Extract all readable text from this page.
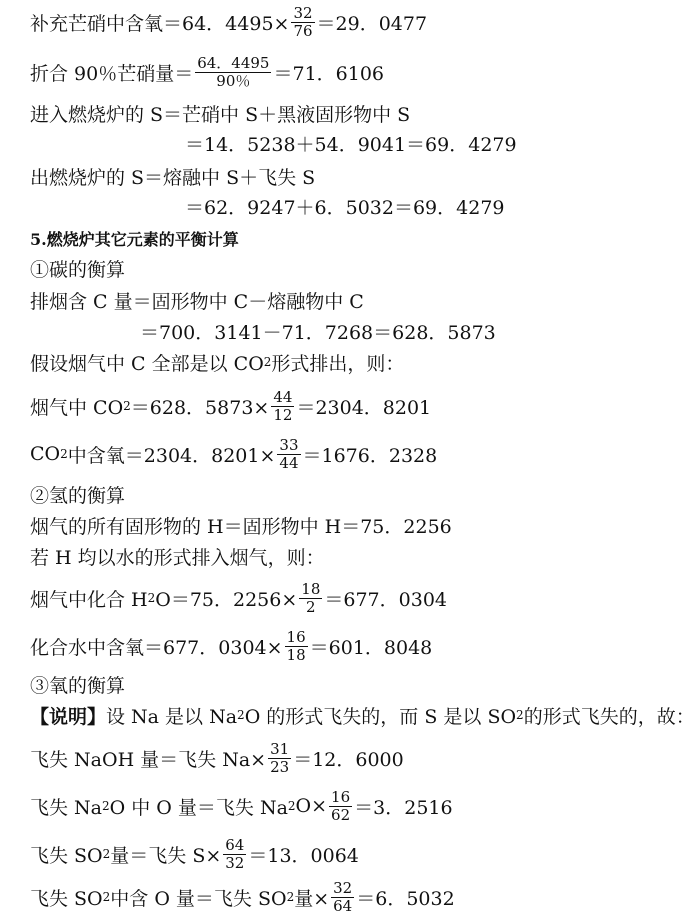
补充芒硝中含氧＝64．$4495\times \frac{32}{76} =29$．0477
折合 90％芒硝量＝ $\frac{64.4495}{90\%} =71$．6106
进入燃烧炉的 S＝芒硝中 S＋黑液固形物中 S
＝14．5238＋54．9041＝69．4279
出燃烧炉的 S＝熔融中 S＋飞失 S
＝62．9247＋6．5032＝69．4279
5.燃烧炉其它元素的平衡计算
①碳的衡算
排烟含 C 量＝固形物中 C－熔融物中 C
＝700．3141－71．7268＝628．5873
假设烟气中 C 全部是以 CO 2 形式排出，则：
烟气中 CO 2 ＝628．$5873\times \frac{44}{12} =2304$．8201
CO 2 中含氧＝2304．$8201\times \frac{33}{44} =1676$．2328
②氢的衡算
烟气的所有固形物的 H＝固形物中 H＝75．2256
若 H 均以水的形式排入烟气，则：
烟气中化合 H 2 O＝75．$2256\times \frac{18}{2} =677$．0304
化合水中含氧＝677．$0304\times \frac{16}{18} =601$．8048
③氧的衡算
【说明】 设 Na 是以 Na 2 O 的形式飞失的，而 S 是以 SO 2 的形式飞失的，故：
飞失 NaOH 量＝飞失 $Na\times \frac{31}{23} =12$．6000
飞失 Na 2 O 中 O 量＝飞失 Na 2 $O\times \frac{16}{62} =3$．2516
飞失 SO 2 量＝飞失 $S\times \frac{64}{32} =13$．0064
飞失 SO 2 中含 O 量＝飞失 SO 2 量× $\frac{32}{64} =6$．5032
